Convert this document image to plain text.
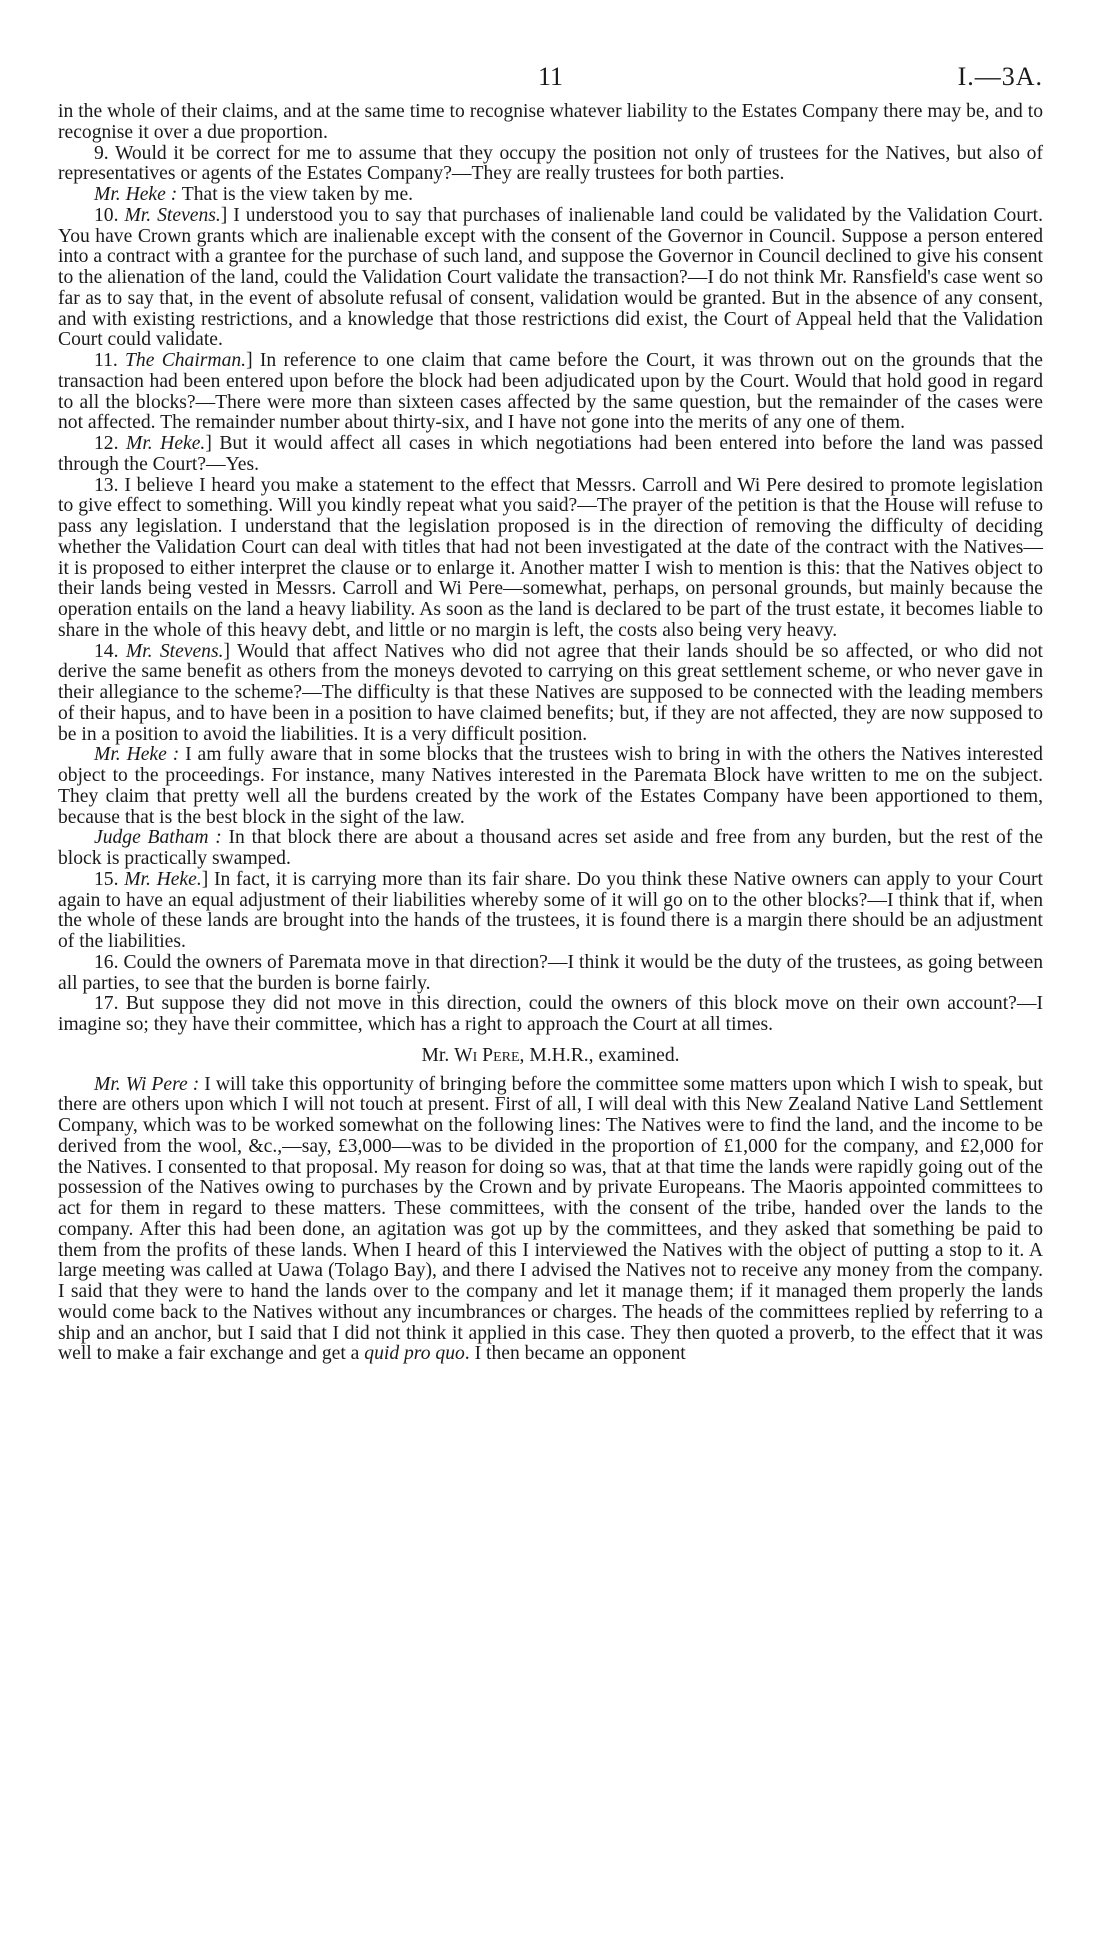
11	I.—3A.

in the whole of their claims, and at the same time to recognise whatever liability to the Estates Company there may be, and to recognise it over a due proportion.

9. Would it be correct for me to assume that they occupy the position not only of trustees for the Natives, but also of representatives or agents of the Estates Company?—They are really trustees for both parties.

Mr. Heke : That is the view taken by me.

10. Mr. Stevens.] I understood you to say that purchases of inalienable land could be validated by the Validation Court. You have Crown grants which are inalienable except with the consent of the Governor in Council. Suppose a person entered into a contract with a grantee for the purchase of such land, and suppose the Governor in Council declined to give his consent to the alienation of the land, could the Validation Court validate the transaction?—I do not think Mr. Ransfield's case went so far as to say that, in the event of absolute refusal of consent, validation would be granted. But in the absence of any consent, and with existing restrictions, and a knowledge that those restrictions did exist, the Court of Appeal held that the Validation Court could validate.

11. The Chairman.] In reference to one claim that came before the Court, it was thrown out on the grounds that the transaction had been entered upon before the block had been adjudicated upon by the Court. Would that hold good in regard to all the blocks?—There were more than sixteen cases affected by the same question, but the remainder of the cases were not affected. The remainder number about thirty-six, and I have not gone into the merits of any one of them.

12. Mr. Heke.] But it would affect all cases in which negotiations had been entered into before the land was passed through the Court?—Yes.

13. I believe I heard you make a statement to the effect that Messrs. Carroll and Wi Pere desired to promote legislation to give effect to something. Will you kindly repeat what you said?—The prayer of the petition is that the House will refuse to pass any legislation. I understand that the legislation proposed is in the direction of removing the difficulty of deciding whether the Validation Court can deal with titles that had not been investigated at the date of the contract with the Natives—it is proposed to either interpret the clause or to enlarge it. Another matter I wish to mention is this: that the Natives object to their lands being vested in Messrs. Carroll and Wi Pere—somewhat, perhaps, on personal grounds, but mainly because the operation entails on the land a heavy liability. As soon as the land is declared to be part of the trust estate, it becomes liable to share in the whole of this heavy debt, and little or no margin is left, the costs also being very heavy.

14. Mr. Stevens.] Would that affect Natives who did not agree that their lands should be so affected, or who did not derive the same benefit as others from the moneys devoted to carrying on this great settlement scheme, or who never gave in their allegiance to the scheme?—The difficulty is that these Natives are supposed to be connected with the leading members of their hapus, and to have been in a position to have claimed benefits; but, if they are not affected, they are now supposed to be in a position to avoid the liabilities. It is a very difficult position.

Mr. Heke : I am fully aware that in some blocks that the trustees wish to bring in with the others the Natives interested object to the proceedings. For instance, many Natives interested in the Paremata Block have written to me on the subject. They claim that pretty well all the burdens created by the work of the Estates Company have been apportioned to them, because that is the best block in the sight of the law.

Judge Batham : In that block there are about a thousand acres set aside and free from any burden, but the rest of the block is practically swamped.

15. Mr. Heke.] In fact, it is carrying more than its fair share. Do you think these Native owners can apply to your Court again to have an equal adjustment of their liabilities whereby some of it will go on to the other blocks?—I think that if, when the whole of these lands are brought into the hands of the trustees, it is found there is a margin there should be an adjustment of the liabilities.

16. Could the owners of Paremata move in that direction?—I think it would be the duty of the trustees, as going between all parties, to see that the burden is borne fairly.

17. But suppose they did not move in this direction, could the owners of this block move on their own account?—I imagine so; they have their committee, which has a right to approach the Court at all times.

Mr. Wi Pere, M.H.R., examined.

Mr. Wi Pere : I will take this opportunity of bringing before the committee some matters upon which I wish to speak, but there are others upon which I will not touch at present. First of all, I will deal with this New Zealand Native Land Settlement Company, which was to be worked somewhat on the following lines: The Natives were to find the land, and the income to be derived from the wool, &c.,—say, £3,000—was to be divided in the proportion of £1,000 for the company, and £2,000 for the Natives. I consented to that proposal. My reason for doing so was, that at that time the lands were rapidly going out of the possession of the Natives owing to purchases by the Crown and by private Europeans. The Maoris appointed committees to act for them in regard to these matters. These committees, with the consent of the tribe, handed over the lands to the company. After this had been done, an agitation was got up by the committees, and they asked that something be paid to them from the profits of these lands. When I heard of this I interviewed the Natives with the object of putting a stop to it. A large meeting was called at Uawa (Tolago Bay), and there I advised the Natives not to receive any money from the company. I said that they were to hand the lands over to the company and let it manage them; if it managed them properly the lands would come back to the Natives without any incumbrances or charges. The heads of the committees replied by referring to a ship and an anchor, but I said that I did not think it applied in this case. They then quoted a proverb, to the effect that it was well to make a fair exchange and get a quid pro quo. I then became an opponent
